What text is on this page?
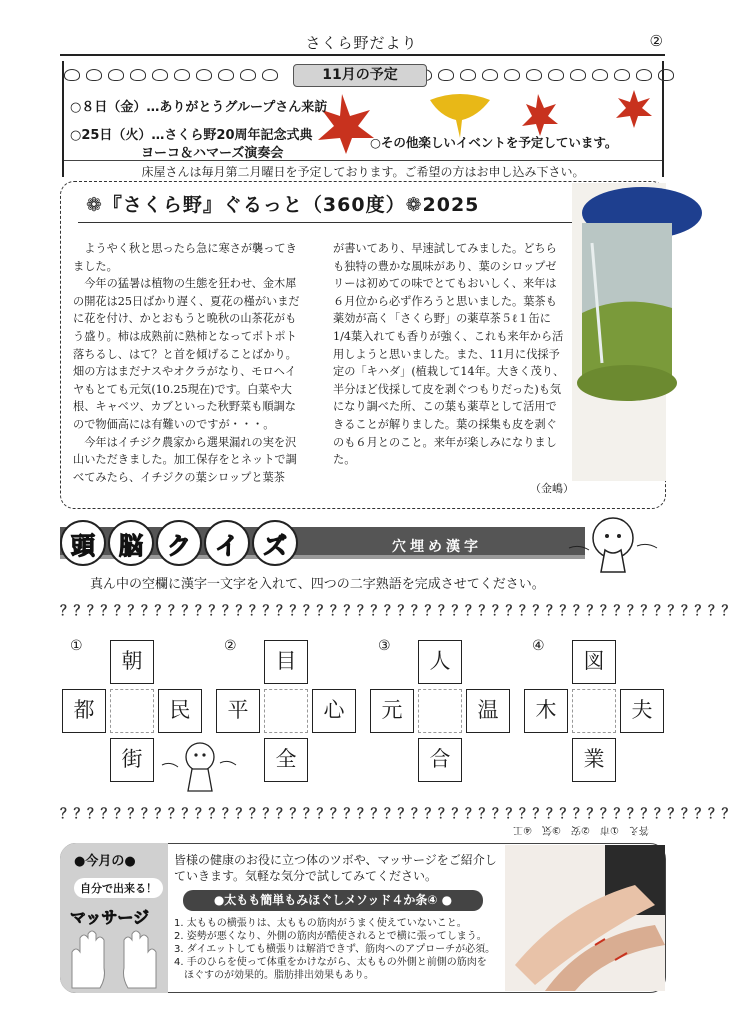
さくら野だより	②
11月の予定
○８日（金）…ありがとうグループさん来訪
○25日（火）…さくら野20周年記念式典
ヨーコ＆ハマーズ演奏会
○その他楽しいイベントを予定しています。
床屋さんは毎月第二月曜日を予定しております。ご希望の方はお申し込み下さい。
❁『さくら野』ぐるっと（360度）❁2025

ようやく秋と思ったら急に寒さが襲ってきました。

今年の猛暑は植物の生態を狂わせ、金木犀の開花は25日ばかり遅く、夏花の槿がいまだに花を付け、かとおもうと晩秋の山茶花がもう盛り。柿は成熟前に熟柿となってポトポト落ちるし、はて？と首を傾げることばかり。畑の方はまだナスやオクラがなり、モロヘイヤもとても元気(10.25現在)です。白菜や大根、キャベツ、カブといった秋野菜も順調なので物価高には有難いのですが・・・。

今年はイチジク農家から選果漏れの実を沢山いただきました。加工保存をとネットで調べてみたら、イチジクの葉シロップと葉茶

が書いてあり、早速試してみました。どちらも独特の豊かな風味があり、葉のシロップゼリーは初めての味でとてもおいしく、来年は６月位から必ず作ろうと思いました。葉茶も薬効が高く「さくら野」の薬草茶５ℓ１缶に1/4葉入れても香りが強く、これも来年から活用しようと思いました。また、11月に伐採予定の「キハダ」(植栽して14年。大きく茂り、半分ほど伐採して皮を剥ぐつもりだった)も気になり調べた所、この葉も薬草として活用できることが解りました。葉の採集も皮を剥ぐのも６月とのこと。来年が楽しみになりました。
（金嶋）
頭	脳	ク	イ	ズ	穴埋め漢字
真ん中の空欄に漢字一文字を入れて、四つの二字熟語を完成させてください。
？？？？？？？？？？？？？？？？？？？？？？？？？？？？？？？？？？？？？？？？？？？？？？？？？？
①
朝
都	民
街
②
目
平	心
全
③
人
元	温
合
④
図
木	夫
業
？？？？？？？？？？？？？？？？？？？？？？？？？？？？？？？？？？？？？？？？？？？？？？？？？？
答え　①市　②安　③気　④工
●今月の●
自分で出来る！
マッサージ
皆様の健康のお役に立つ体のツボや、マッサージをご紹介していきます。気軽な気分で試してみてください。
●太もも簡単もみほぐしメソッド４か条④ ●
1. 太ももの横張りは、太ももの筋肉がうまく使えていないこと。
2. 姿勢が悪くなり、外側の筋肉が酷使されるとで横に張ってしまう。
3. ダイエットしても横張りは解消できず、筋肉へのアプローチが必須。
4. 手のひらを使って体重をかけながら、太ももの外側と前側の筋肉を
ほぐすのが効果的。脂肪排出効果もあり。
